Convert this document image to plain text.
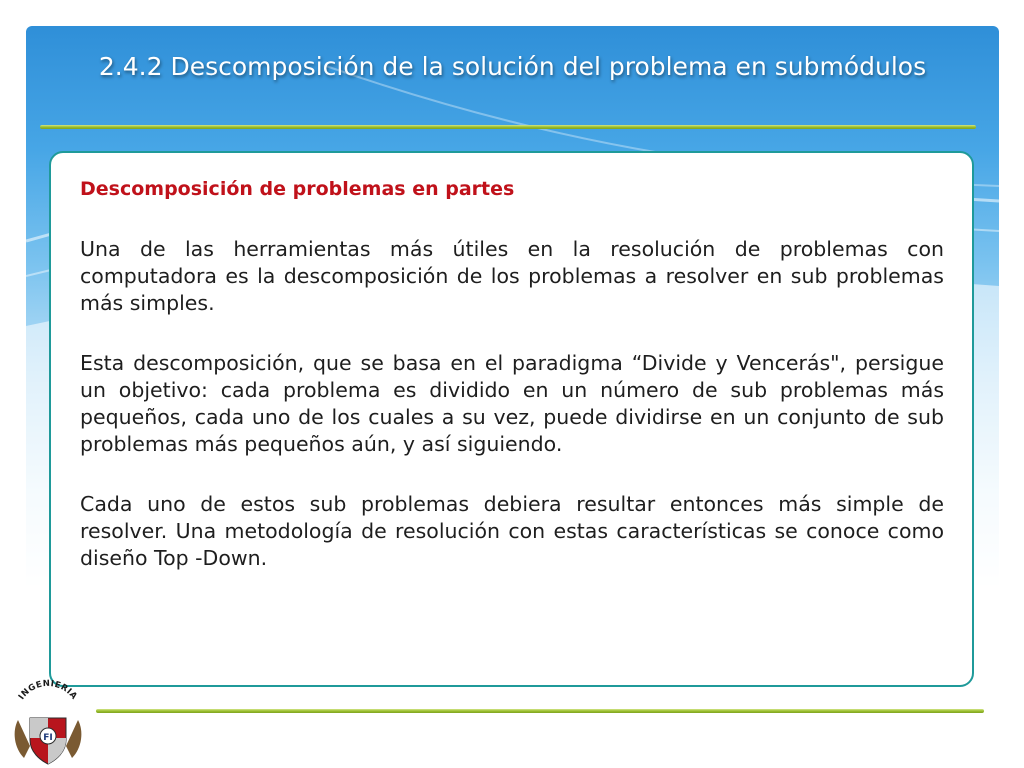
2.4.2 Descomposición de la solución del problema en submódulos

Descomposición de problemas en partes

Una de las herramientas más útiles en la resolución de problemas con computadora es la descomposición de los problemas a resolver en sub problemas más simples.

Esta descomposición, que se basa en el paradigma “Divide y Vencerás", persigue un objetivo: cada problema es dividido en un número de sub problemas más pequeños, cada uno de los cuales a su vez, puede dividirse en un conjunto de sub problemas más pequeños aún, y así siguiendo.

Cada uno de estos sub problemas debiera resultar entonces más simple de resolver. Una metodología de resolución con estas características se conoce como diseño Top -Down.

INGENIERIA
FI
